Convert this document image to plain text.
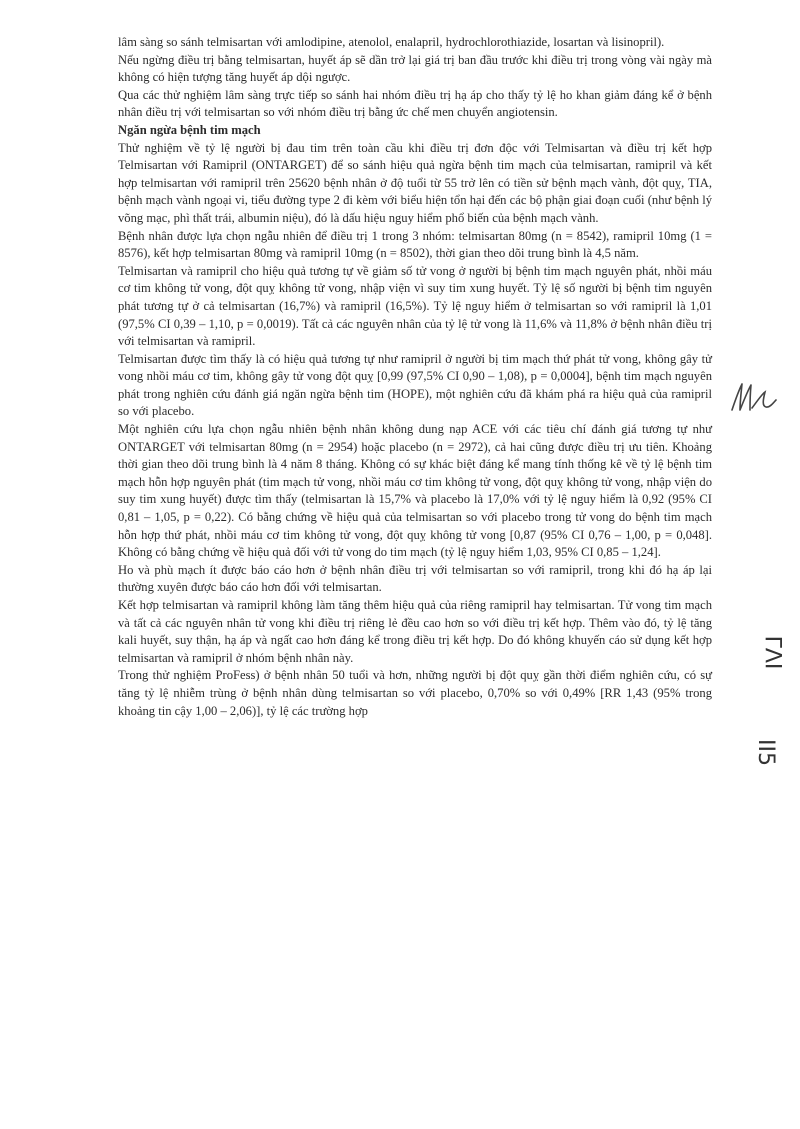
lâm sàng so sánh telmisartan với amlodipine, atenolol, enalapril, hydrochlorothiazide, losartan và lisinopril).

Nếu ngừng điều trị bằng telmisartan, huyết áp sẽ dần trở lại giá trị ban đầu trước khi điều trị trong vòng vài ngày mà không có hiện tượng tăng huyết áp dội ngược.

Qua các thử nghiệm lâm sàng trực tiếp so sánh hai nhóm điều trị hạ áp cho thấy tỷ lệ ho khan giảm đáng kể ở bệnh nhân điều trị với telmisartan so với nhóm điều trị bằng ức chế men chuyển angiotensin.

Ngăn ngừa bệnh tim mạch

Thử nghiệm về tỷ lệ người bị đau tim trên toàn cầu khi điều trị đơn độc với Telmisartan và điều trị kết hợp Telmisartan với Ramipril (ONTARGET) để so sánh hiệu quả ngừa bệnh tim mạch của telmisartan, ramipril và kết hợp telmisartan với ramipril trên 25620 bệnh nhân ở độ tuổi từ 55 trở lên có tiền sử bệnh mạch vành, đột quỵ, TIA, bệnh mạch vành ngoại vi, tiểu đường type 2 đi kèm với biểu hiện tổn hại đến các bộ phận giai đoạn cuối (như bệnh lý võng mạc, phì thất trái, albumin niệu), đó là dấu hiệu nguy hiểm phổ biến của bệnh mạch vành.

Bệnh nhân được lựa chọn ngẫu nhiên để điều trị 1 trong 3 nhóm: telmisartan 80mg (n = 8542), ramipril 10mg (1 = 8576), kết hợp telmisartan 80mg và ramipril 10mg (n = 8502), thời gian theo dõi trung bình là 4,5 năm.

Telmisartan và ramipril cho hiệu quả tương tự về giảm số tử vong ở người bị bệnh tim mạch nguyên phát, nhồi máu cơ tim không tử vong, đột quỵ không tử vong, nhập viện vì suy tim xung huyết. Tỷ lệ số người bị bệnh tim nguyên phát tương tự ở cả telmisartan (16,7%) và ramipril (16,5%). Tỷ lệ nguy hiểm ở telmisartan so với ramipril là 1,01 (97,5% CI 0,39 – 1,10, p = 0,0019). Tất cả các nguyên nhân của tỷ lệ tử vong là 11,6% và 11,8% ở bệnh nhân điều trị với telmisartan và ramipril.

Telmisartan được tìm thấy là có hiệu quả tương tự như ramipril ở người bị tim mạch thứ phát tử vong, không gây tử vong nhồi máu cơ tim, không gây tử vong đột quỵ [0,99 (97,5% CI 0,90 – 1,08), p = 0,0004], bệnh tim mạch nguyên phát trong nghiên cứu đánh giá ngăn ngừa bệnh tim (HOPE), một nghiên cứu đã khám phá ra hiệu quả của ramipril so với placebo.

Một nghiên cứu lựa chọn ngẫu nhiên bệnh nhân không dung nạp ACE với các tiêu chí đánh giá tương tự như ONTARGET với telmisartan 80mg (n = 2954) hoặc placebo (n = 2972), cả hai cũng được điều trị ưu tiên. Khoảng thời gian theo dõi trung bình là 4 năm 8 tháng. Không có sự khác biệt đáng kể mang tính thống kê về tỷ lệ bệnh tim mạch hỗn hợp nguyên phát (tim mạch tử vong, nhồi máu cơ tim không tử vong, đột quỵ không tử vong, nhập viện do suy tim xung huyết) được tìm thấy (telmisartan là 15,7% và placebo là 17,0% với tỷ lệ nguy hiểm là 0,92 (95% CI 0,81 – 1,05, p = 0,22). Có bằng chứng về hiệu quả của telmisartan so với placebo trong tử vong do bệnh tim mạch hỗn hợp thứ phát, nhồi máu cơ tim không tử vong, đột quỵ không tử vong [0,87 (95% CI 0,76 – 1,00, p = 0,048]. Không có bằng chứng về hiệu quả đối với tử vong do tim mạch (tỷ lệ nguy hiểm 1,03, 95% CI 0,85 – 1,24].

Ho và phù mạch ít được báo cáo hơn ở bệnh nhân điều trị với telmisartan so với ramipril, trong khi đó hạ áp lại thường xuyên được báo cáo hơn đối với telmisartan.

Kết hợp telmisartan và ramipril không làm tăng thêm hiệu quả của riêng ramipril hay telmisartan. Tử vong tim mạch và tất cả các nguyên nhân tử vong khi điều trị riêng lẻ đều cao hơn so với điều trị kết hợp. Thêm vào đó, tỷ lệ tăng kali huyết, suy thận, hạ áp và ngất cao hơn đáng kể trong điều trị kết hợp. Do đó không khuyến cáo sử dụng kết hợp telmisartan và ramipril ở nhóm bệnh nhân này.

Trong thử nghiệm ProFess) ở bệnh nhân 50 tuổi và hơn, những người bị đột quỵ gần thời điểm nghiên cứu, có sự tăng tỷ lệ nhiễm trùng ở bệnh nhân dùng telmisartan so với placebo, 0,70% so với 0,49% [RR 1,43 (95% trong khoảng tin cậy 1,00 – 2,06)], tỷ lệ các trường hợp

ΓΛΙ
II5
